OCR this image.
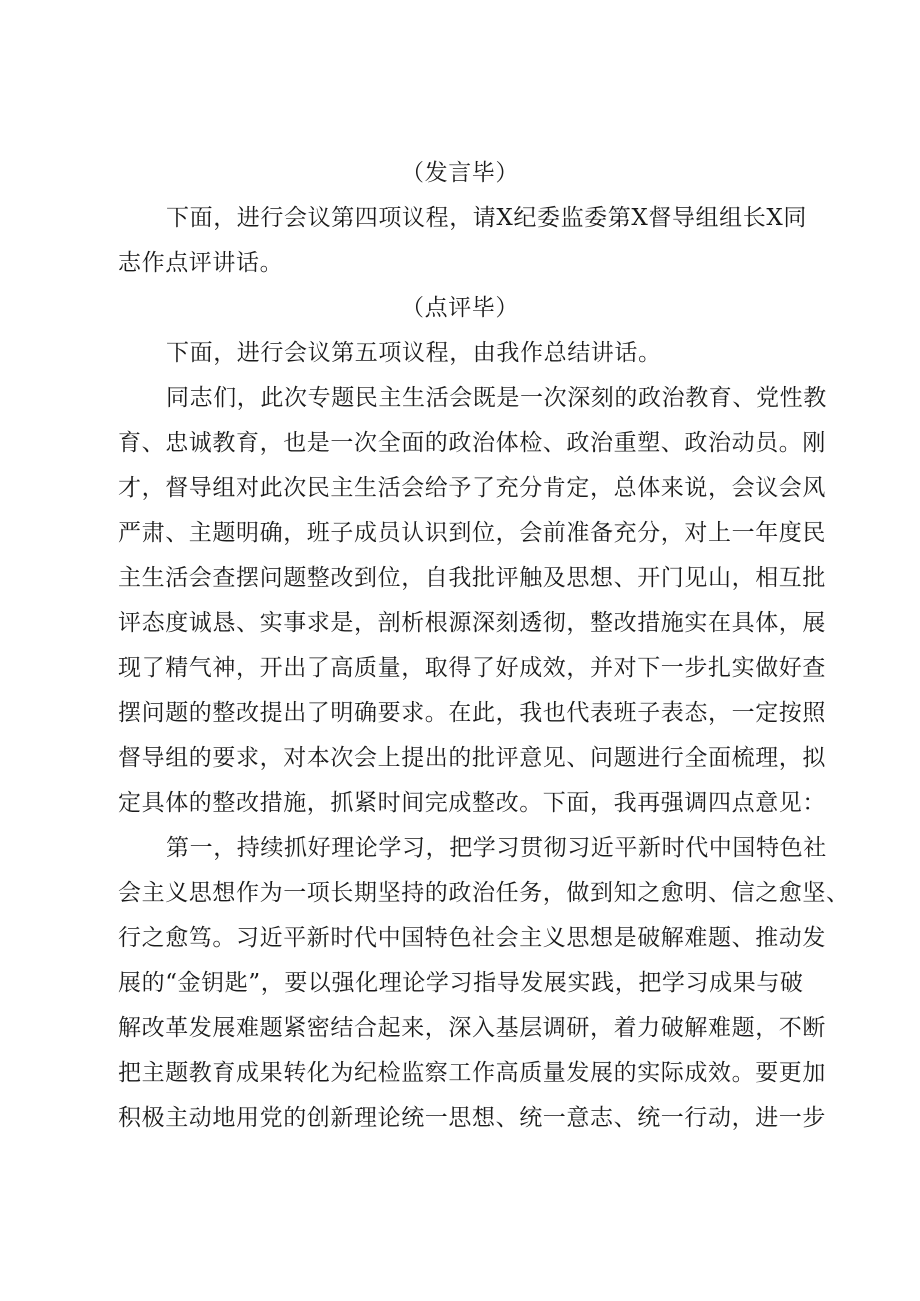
（发言毕）
下面，进行会议第四项议程，请X纪委监委第X督导组组长X同
志作点评讲话。
（点评毕）
下面，进行会议第五项议程，由我作总结讲话。
同志们，此次专题民主生活会既是一次深刻的政治教育、党性教
育、忠诚教育，也是一次全面的政治体检、政治重塑、政治动员。刚
才，督导组对此次民主生活会给予了充分肯定，总体来说，会议会风
严肃、主题明确，班子成员认识到位，会前准备充分，对上一年度民
主生活会查摆问题整改到位，自我批评触及思想、开门见山，相互批
评态度诚恳、实事求是，剖析根源深刻透彻，整改措施实在具体，展
现了精气神，开出了高质量，取得了好成效，并对下一步扎实做好查
摆问题的整改提出了明确要求。在此，我也代表班子表态，一定按照
督导组的要求，对本次会上提出的批评意见、问题进行全面梳理，拟
定具体的整改措施，抓紧时间完成整改。下面，我再强调四点意见：
第一，持续抓好理论学习，把学习贯彻习近平新时代中国特色社
会主义思想作为一项长期坚持的政治任务，做到知之愈明、信之愈坚、
行之愈笃。习近平新时代中国特色社会主义思想是破解难题、推动发
展的“金钥匙”，要以强化理论学习指导发展实践，把学习成果与破
解改革发展难题紧密结合起来，深入基层调研，着力破解难题，不断
把主题教育成果转化为纪检监察工作高质量发展的实际成效。要更加
积极主动地用党的创新理论统一思想、统一意志、统一行动，进一步
